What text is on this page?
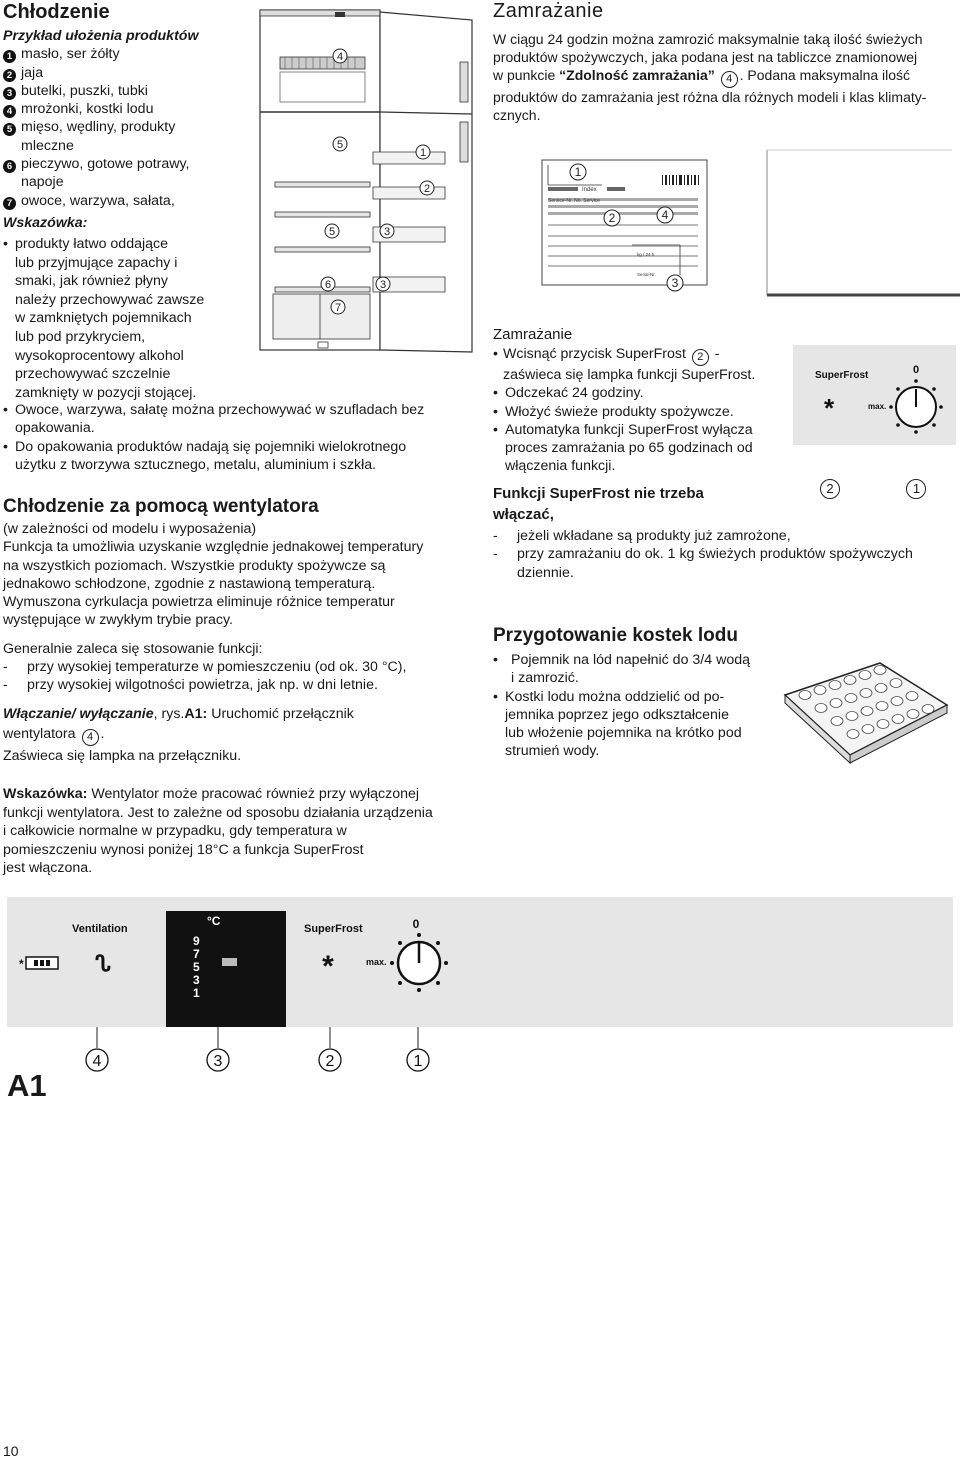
Chłodzenie
Przykład ułożenia produktów
1 masło, ser żółty
2 jaja
3 butelki, puszki, tubki
4 mrożonki, kostki lodu
5 mięso, wędliny, produkty
mleczne
6 pieczywo, gotowe potrawy,
napoje
7 owoce, warzywa, sałata,
Wskazówka:
• produkty łatwo oddające
lub przyjmujące zapachy i
smaki, jak również płyny
należy przechowywać zawsze
w zamkniętych pojemnikach
lub pod przykryciem,
wysokoprocentowy alkohol
przechowywać szczelnie
zamknięty w pozycji stojącej.
• Owoce, warzywa, sałatę można przechowywać w szufladach bez
opakowania.
• Do opakowania produktów nadają się pojemniki wielokrotnego
użytku z tworzywa sztucznego, metalu, aluminium i szkła.
Chłodzenie za pomocą wentylatora
(w zależności od modelu i wyposażenia)
Funkcja ta umożliwia uzyskanie względnie jednakowej temperatury
na wszystkich poziomach. Wszystkie produkty spożywcze są
jednakowo schłodzone, zgodnie z nastawioną temperaturą.
Wymuszona cyrkulacja powietrza eliminuje różnice temperatur
występujące w zwykłym trybie pracy.
Generalnie zaleca się stosowanie funkcji:
- przy wysokiej temperaturze w pomieszczeniu (od ok. 30 °C),
- przy wysokiej wilgotności powietrza, jak np. w dni letnie.
Włączanie/ wyłączanie, rys.A1: Uruchomić przełącznik
wentylatora 4 .
Zaświeca się lampka na przełączniku.
Wskazówka: Wentylator może pracować również przy wyłączonej
funkcji wentylatora. Jest to zależne od sposobu działania urządzenia
i całkowicie normalne w przypadku, gdy temperatura w
pomieszczeniu wynosi poniżej 18°C a funkcja SuperFrost
jest włączona.
4
5
1
2
5	3
6	3
7
Zamrażanie
W ciągu 24 godzin można zamrozić maksymalnie taką ilość świeżych
produktów spożywczych, jaka podana jest na tabliczce znamionowej
w punkcie “Zdolność zamrażania” 4 . Podana maksymalna ilość
produktów do zamrażania jest różna dla różnych modeli i klas klimaty-
cznych.
Index
Service-Nr. No. Service
kg / 24 h
Serial-Nr.
1
2	4
3
Zamrażanie
• Wcisnąć przycisk SuperFrost 2 -
zaświeca się lampka funkcji SuperFrost.
• Odczekać 24 godziny.
• Włożyć świeże produkty spożywcze.
• Automatyka funkcji SuperFrost wyłącza
proces zamrażania po 65 godzinach od
włączenia funkcji.
SuperFrost	0
max.
*
2	1
Funkcji SuperFrost nie trzeba
włączać,
- jeżeli wkładane są produkty już zamrożone,
- przy zamrażaniu do ok. 1 kg świeżych produktów spożywczych
dziennie.
Przygotowanie kostek lodu
• Pojemnik na lód napełnić do 3/4 wodą
i zamrozić.
• Kostki lodu można oddzielić od po-
jemnika poprzez jego odkształcenie
lub włożenie pojemnika na krótko pod
strumień wody.
*
Ventilation
ᔐ
°C
9
7
5
3
1
SuperFrost
*	max.
0
4	3	2	1
A1
10
